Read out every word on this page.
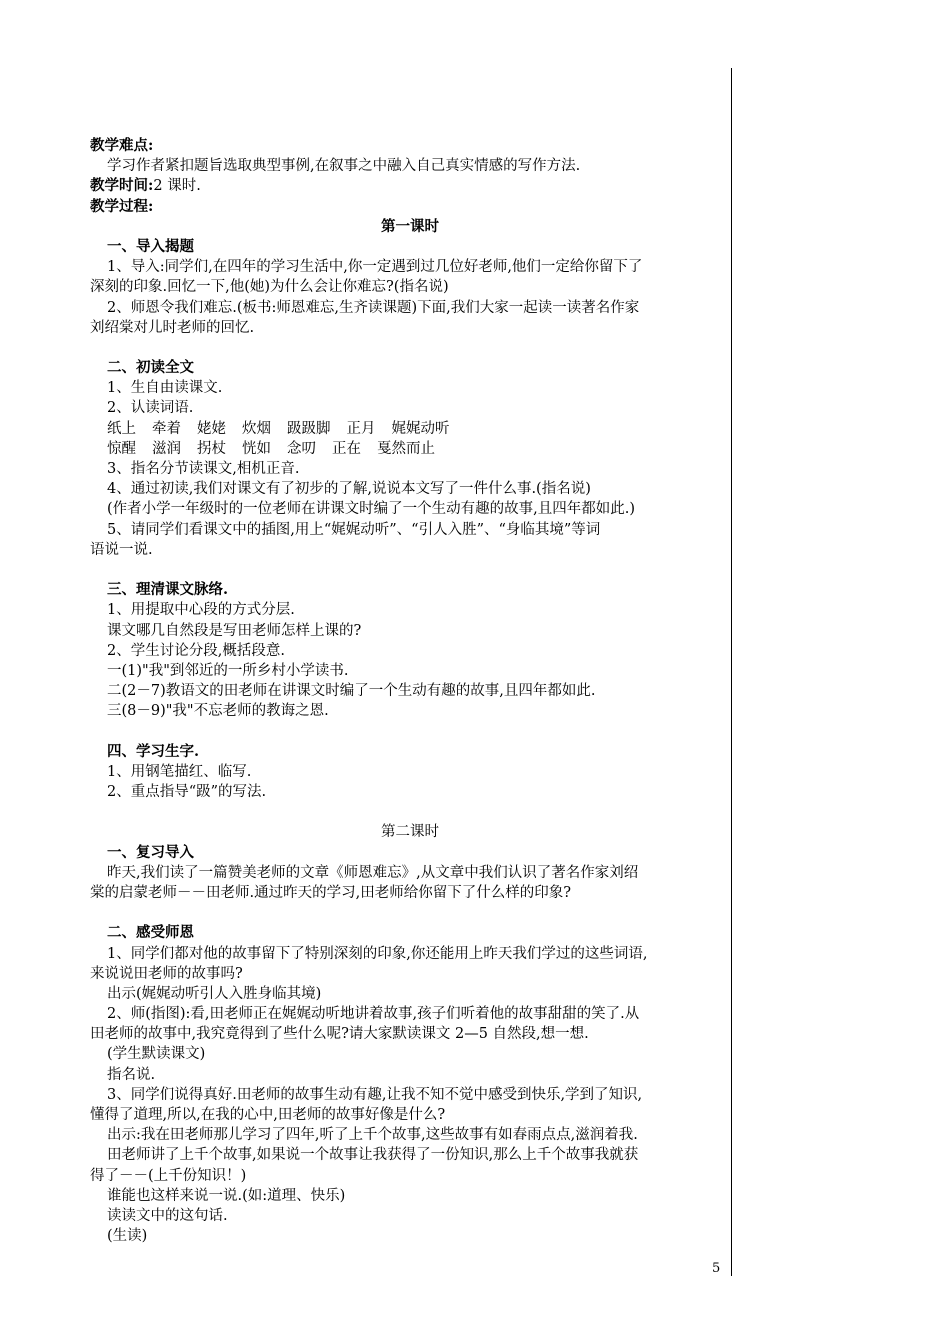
教学难点:
学习作者紧扣题旨选取典型事例,在叙事之中融入自己真实情感的写作方法.
教学时间:2 课时.
教学过程:
第一课时
一、导入揭题
1、导入:同学们,在四年的学习生活中,你一定遇到过几位好老师,他们一定给你留下了
深刻的印象.回忆一下,他(她)为什么会让你难忘?(指名说)
2、师恩令我们难忘.(板书:师恩难忘,生齐读课题)下面,我们大家一起读一读著名作家
刘绍棠对儿时老师的回忆.
二、初读全文
1、生自由读课文.
2、认读词语.
纸上 牵着 姥姥 炊烟 趿趿脚 正月 娓娓动听
惊醒 滋润 拐杖 恍如 念叨 正在 戛然而止
3、指名分节读课文,相机正音.
4、通过初读,我们对课文有了初步的了解,说说本文写了一件什么事.(指名说)
(作者小学一年级时的一位老师在讲课文时编了一个生动有趣的故事,且四年都如此.)
5、请同学们看课文中的插图,用上“娓娓动听”、“引人入胜”、“身临其境”等词
语说一说.
三、理清课文脉络.
1、用提取中心段的方式分层.
课文哪几自然段是写田老师怎样上课的?
2、学生讨论分段,概括段意.
一(1)"我"到邻近的一所乡村小学读书.
二(2－7)教语文的田老师在讲课文时编了一个生动有趣的故事,且四年都如此.
三(8－9)"我"不忘老师的教诲之恩.
四、学习生字.
1、用钢笔描红、临写.
2、重点指导“趿”的写法.
第二课时
一、复习导入
昨天,我们读了一篇赞美老师的文章《师恩难忘》,从文章中我们认识了著名作家刘绍
棠的启蒙老师－－田老师.通过昨天的学习,田老师给你留下了什么样的印象?
二、感受师恩
1、同学们都对他的故事留下了特别深刻的印象,你还能用上昨天我们学过的这些词语,
来说说田老师的故事吗?
出示(娓娓动听引人入胜身临其境)
2、师(指图):看,田老师正在娓娓动听地讲着故事,孩子们听着他的故事甜甜的笑了.从
田老师的故事中,我究竟得到了些什么呢?请大家默读课文 2—5 自然段,想一想.
(学生默读课文)
指名说.
3、同学们说得真好.田老师的故事生动有趣,让我不知不觉中感受到快乐,学到了知识,
懂得了道理,所以,在我的心中,田老师的故事好像是什么?
出示:我在田老师那儿学习了四年,听了上千个故事,这些故事有如春雨点点,滋润着我.
田老师讲了上千个故事,如果说一个故事让我获得了一份知识,那么上千个故事我就获
得了－－(上千份知识！)
谁能也这样来说一说.(如:道理、快乐)
读读文中的这句话.
(生读)
5
